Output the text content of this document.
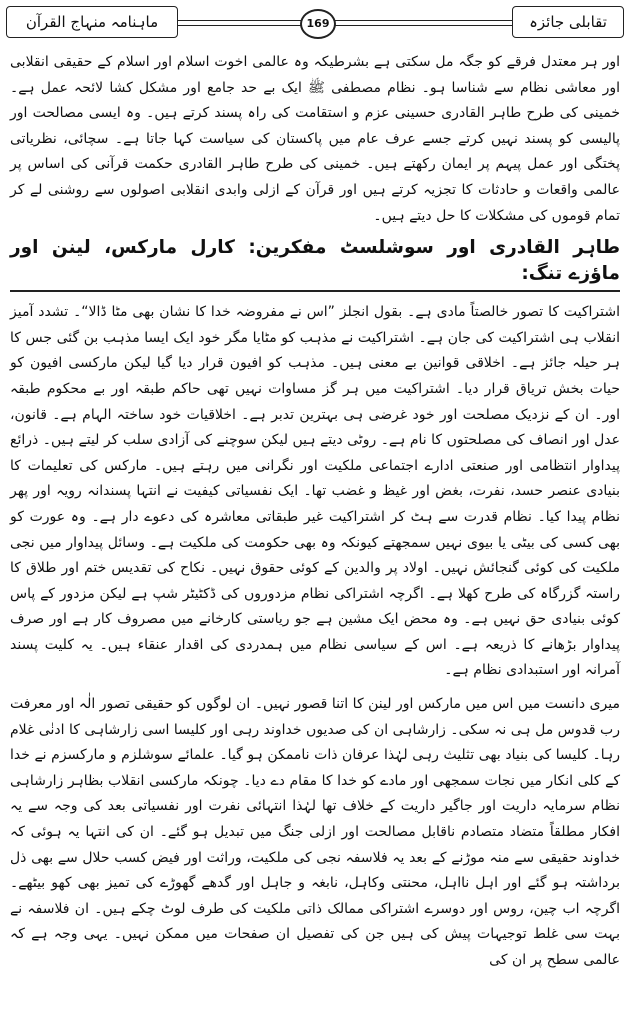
ماہنامہ منہاج القرآن	169	تقابلی جائزہ

اور ہر معتدل فرقے کو جگہ مل سکتی ہے بشرطیکہ وہ عالمی اخوت اسلام اور اسلام کے حقیقی انقلابی اور معاشی نظام سے شناسا ہو۔ نظام مصطفی ﷺ ایک بے حد جامع اور مشکل کشا لائحہ عمل ہے۔ خمینی کی طرح طاہر القادری حسینی عزم و استقامت کی راہ پسند کرتے ہیں۔ وہ ایسی مصالحت اور پالیسی کو پسند نہیں کرتے جسے عرف عام میں پاکستان کی سیاست کہا جاتا ہے۔ سچائی، نظریاتی پختگی اور عمل پیہم پر ایمان رکھتے ہیں۔ خمینی کی طرح طاہر القادری حکمت قرآنی کی اساس پر عالمی واقعات و حادثات کا تجزیہ کرتے ہیں اور قرآن کے ازلی وابدی انقلابی اصولوں سے روشنی لے کر تمام قوموں کی مشکلات کا حل دیتے ہیں۔

طاہر القادری اور سوشلسٹ مفکرین: کارل مارکس، لینن اور ماؤزے تنگ:

اشتراکیت کا تصور خالصتاً مادی ہے۔ بقول انجلز ”اس نے مفروضہ خدا کا نشان بھی مٹا ڈالا“۔ تشدد آمیز انقلاب ہی اشتراکیت کی جان ہے۔ اشتراکیت نے مذہب کو مٹایا مگر خود ایک ایسا مذہب بن گئی جس کا ہر حیلہ جائز ہے۔ اخلاقی قوانین بے معنی ہیں۔ مذہب کو افیون قرار دیا گیا لیکن مارکسی افیون کو حیات بخش تریاق قرار دیا۔ اشتراکیت میں ہر گز مساوات نہیں تھی حاکم طبقہ اور بے محکوم طبقہ اور۔ ان کے نزدیک مصلحت اور خود غرضی ہی بہترین تدبر ہے۔ اخلاقیات خود ساختہ الہام ہے۔ قانون، عدل اور انصاف کی مصلحتوں کا نام ہے۔ روٹی دیتے ہیں لیکن سوچنے کی آزادی سلب کر لیتے ہیں۔ ذرائع پیداوار انتظامی اور صنعتی ادارے اجتماعی ملکیت اور نگرانی میں رہتے ہیں۔ مارکس کی تعلیمات کا بنیادی عنصر حسد، نفرت، بغض اور غیظ و غضب تھا۔ ایک نفسیاتی کیفیت نے انتہا پسندانہ رویہ اور پھر نظام پیدا کیا۔ نظام قدرت سے ہٹ کر اشتراکیت غیر طبقاتی معاشرہ کی دعوے دار ہے۔ وہ عورت کو بھی کسی کی بیٹی یا بیوی نہیں سمجھتے کیونکہ وہ بھی حکومت کی ملکیت ہے۔ وسائل پیداوار میں نجی ملکیت کی کوئی گنجائش نہیں۔ اولاد پر والدین کے کوئی حقوق نہیں۔ نکاح کی تقدیس ختم اور طلاق کا راستہ گزرگاہ کی طرح کھلا ہے۔ اگرچہ اشتراکی نظام مزدوروں کی ڈکٹیٹر شپ ہے لیکن مزدور کے پاس کوئی بنیادی حق نہیں ہے۔ وہ محض ایک مشین ہے جو ریاستی کارخانے میں مصروف کار ہے اور صرف پیداوار بڑھانے کا ذریعہ ہے۔ اس کے سیاسی نظام میں ہمدردی کی اقدار عنقاء ہیں۔ یہ کلیت پسند آمرانہ اور استبدادی نظام ہے۔

میری دانست میں اس میں مارکس اور لینن کا اتنا قصور نہیں۔ ان لوگوں کو حقیقی تصور الٰہ اور معرفت رب قدوس مل ہی نہ سکی۔ زارشاہی ان کی صدیوں خداوند رہی اور کلیسا اسی زارشاہی کا ادنٰی غلام رہا۔ کلیسا کی بنیاد بھی تثلیث رہی لہٰذا عرفان ذات ناممکن ہو گیا۔ علمائے سوشلزم و مارکسزم نے خدا کے کلی انکار میں نجات سمجھی اور مادے کو خدا کا مقام دے دیا۔ چونکہ مارکسی انقلاب بظاہر زارشاہی نظام سرمایہ داریت اور جاگیر داریت کے خلاف تھا لہٰذا انتہائی نفرت اور نفسیاتی بعد کی وجہ سے یہ افکار مطلقاً متضاد متصادم ناقابل مصالحت اور ازلی جنگ میں تبدیل ہو گئے۔ ان کی انتہا یہ ہوئی کہ خداوند حقیقی سے منہ موڑنے کے بعد یہ فلاسفہ نجی کی ملکیت، وراثت اور فیض کسب حلال سے بھی ذل برداشتہ ہو گئے اور اہل نااہل، محنتی وکاہل، نابغہ و جاہل اور گدھے گھوڑے کی تمیز بھی کھو بیٹھے۔ اگرچہ اب چین، روس اور دوسرے اشتراکی ممالک ذاتی ملکیت کی طرف لوٹ چکے ہیں۔ ان فلاسفہ نے بہت سی غلط توجیہات پیش کی ہیں جن کی تفصیل ان صفحات میں ممکن نہیں۔ یہی وجہ ہے کہ عالمی سطح پر ان کی
